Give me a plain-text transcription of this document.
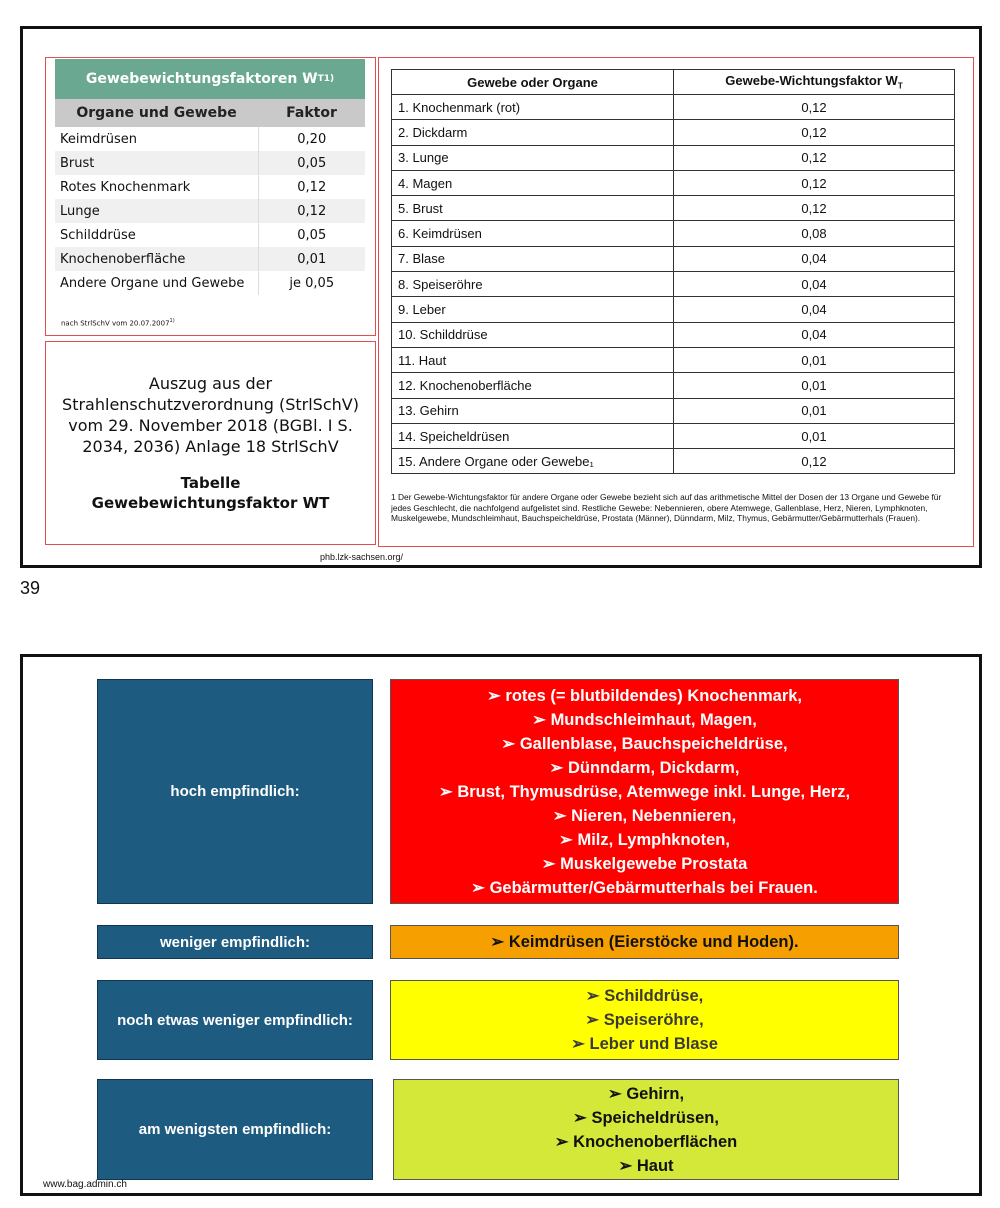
Gewebewichtungsfaktoren W T 1)
Organe und Gewebe	Faktor
Keimdrüsen	0,20
Brust	0,05
Rotes Knochenmark	0,12
Lunge	0,12
Schilddrüse	0,05
Knochenoberfläche	0,01
Andere Organe und Gewebe	je 0,05
nach StrlSchV vom 20.07.2007$^{1)}$
Auszug aus der Strahlenschutzverordnung (StrlSchV) vom 29. November 2018 (BGBl. I S. 2034, 2036) Anlage 18 StrlSchV
Tabelle
Gewebewichtungsfaktor WT
Gewebe oder Organe	Gewebe-Wichtungsfaktor $W_T$
1. Knochenmark (rot)	0,12
2. Dickdarm	0,12
3. Lunge	0,12
4. Magen	0,12
5. Brust	0,12
6. Keimdrüsen	0,08
7. Blase	0,04
8. Speiseröhre	0,04
9. Leber	0,04
10. Schilddrüse	0,04
11. Haut	0,01
12. Knochenoberfläche	0,01
13. Gehirn	0,01
14. Speicheldrüsen	0,01
15. Andere Organe oder Gewebe₁	0,12
1 Der Gewebe-Wichtungsfaktor für andere Organe oder Gewebe bezieht sich auf das arithmetische Mittel der Dosen der 13 Organe und Gewebe für jedes Geschlecht, die nachfolgend aufgelistet sind. Restliche Gewebe: Nebennieren, obere Atemwege, Gallenblase, Herz, Nieren, Lymphknoten, Muskelgewebe, Mundschleimhaut, Bauchspeicheldrüse, Prostata (Männer), Dünndarm, Milz, Thymus, Gebärmutter/Gebärmutterhals (Frauen).
phb.lzk-sachsen.org/
39
hoch empfindlich:
➢ rotes (= blutbildendes) Knochenmark,
➢ Mundschleimhaut, Magen,
➢ Gallenblase, Bauchspeicheldrüse,
➢ Dünndarm, Dickdarm,
➢ Brust, Thymusdrüse, Atemwege inkl. Lunge, Herz,
➢ Nieren, Nebennieren,
➢ Milz, Lymphknoten,
➢ Muskelgewebe Prostata
➢ Gebärmutter/Gebärmutterhals bei Frauen.
weniger empfindlich:	➢ Keimdrüsen (Eierstöcke und Hoden).
noch etwas weniger empfindlich:
➢ Schilddrüse,
➢ Speiseröhre,
➢ Leber und Blase
am wenigsten empfindlich:
➢ Gehirn,
➢ Speicheldrüsen,
➢ Knochenoberflächen
➢ Haut
www.bag.admin.ch
